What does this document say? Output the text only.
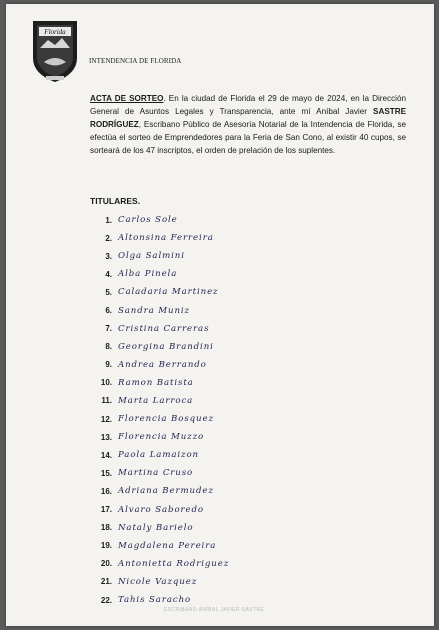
Florida
INTENDENCIA DE FLORIDA
ACTA DE SORTEO. En la ciudad de Florida el 29 de mayo de 2024, en la Dirección General de Asuntos Legales y Transparencia, ante mí Aníbal Javier SASTRE RODRÍGUEZ, Escribano Público de Asesoría Notarial de la Intendencia de Florida, se efectúa el sorteo de Emprendedores para la Feria de San Cono, al existir 40 cupos, se sorteará de los 47 inscriptos, el orden de prelación de los suplentes.
TITULARES.
1. Carlos Sole
2. Altonsina Ferreira
3. Olga Salmini
4. Alba Pinela
5. Caladaria Martinez
6. Sandra Muniz
7. Cristina Carreras
8. Georgina Brandini
9. Andrea Berrando
10. Ramon Batista
11. Marta Larroca
12. Florencia Bosquez
13. Florencia Muzzo
14. Paola Lamaizon
15. Martina Cruso
16. Adriana Bermudez
17. Alvaro Saboredo
18. Nataly Barielo
19. Magdalena Pereira
20. Antonietta Rodriguez
21. Nicole Vazquez
22. Tahis Saracho
ESCRIBANO ANÍBAL JAVIER SASTRE
